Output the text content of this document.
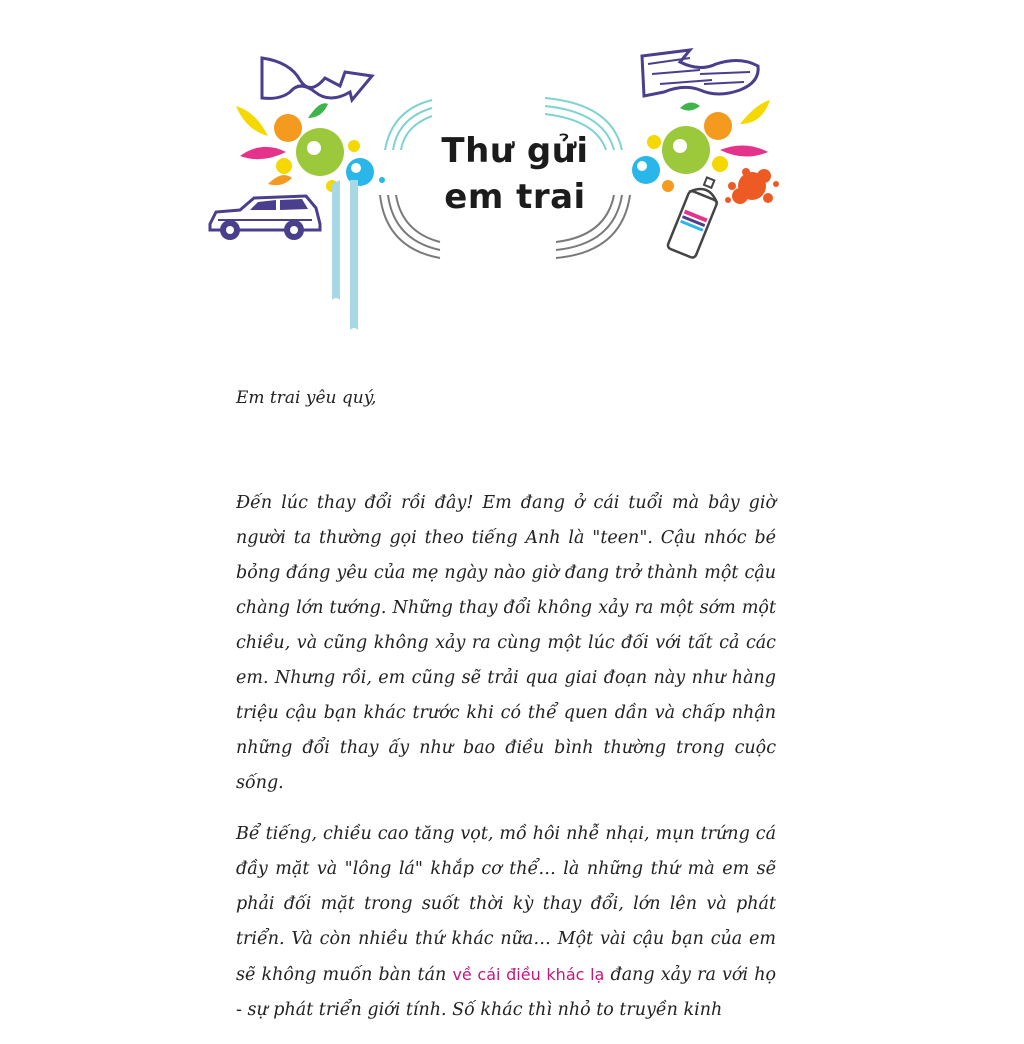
Thư gửi
em trai
Em trai yêu quý,

Đến lúc thay đổi rồi đây! Em đang ở cái tuổi mà bây giờ người ta thường gọi theo tiếng Anh là "teen". Cậu nhóc bé bỏng đáng yêu của mẹ ngày nào giờ đang trở thành một cậu chàng lớn tướng. Những thay đổi không xảy ra một sớm một chiều, và cũng không xảy ra cùng một lúc đối với tất cả các em. Nhưng rồi, em cũng sẽ trải qua giai đoạn này như hàng triệu cậu bạn khác trước khi có thể quen dần và chấp nhận những đổi thay ấy như bao điều bình thường trong cuộc sống.

Bể tiếng, chiều cao tăng vọt, mồ hôi nhễ nhại, mụn trứng cá đầy mặt và "lông lá" khắp cơ thể… là những thứ mà em sẽ phải đối mặt trong suốt thời kỳ thay đổi, lớn lên và phát triển. Và còn nhiều thứ khác nữa… Một vài cậu bạn của em sẽ không muốn bàn tán về cái điều khác lạ đang xảy ra với họ - sự phát triển giới tính. Số khác thì nhỏ to truyền kinh
